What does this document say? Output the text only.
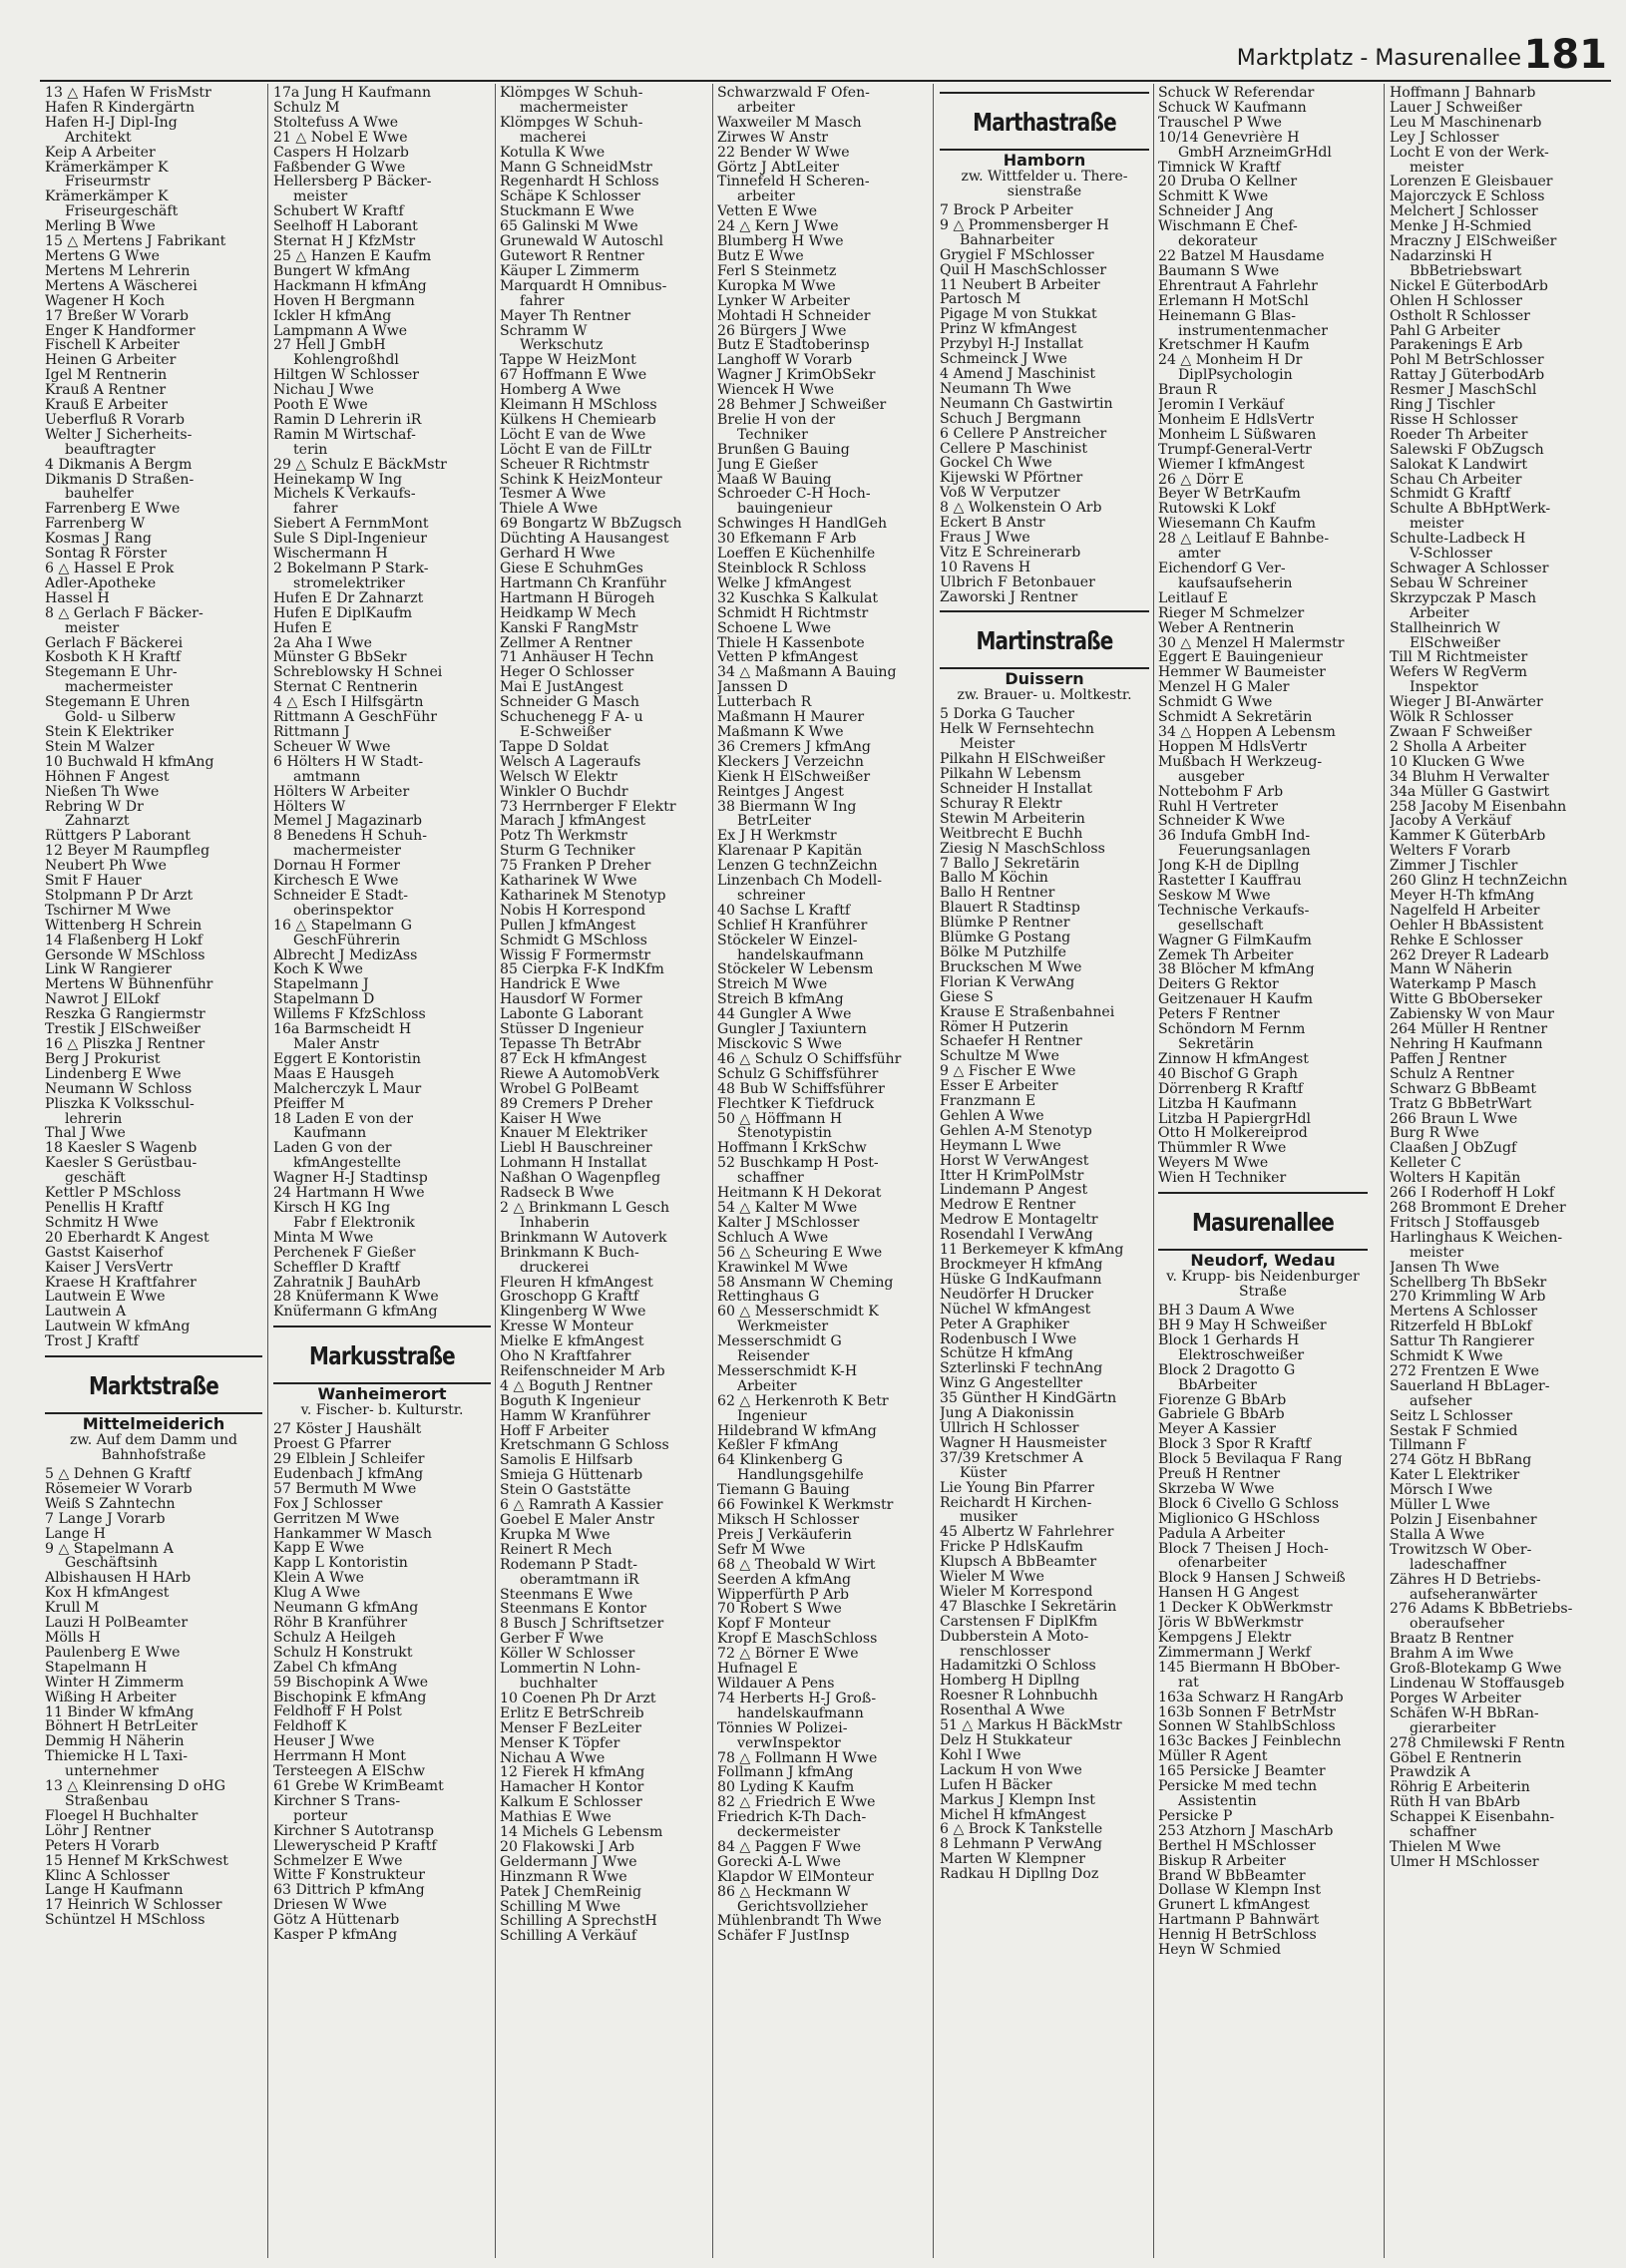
Marktplatz - Masurenallee 181
13 △ Hafen W FrisMstr
Hafen R Kindergärtn
Hafen H-J Dipl-Ing
Architekt
Keip A Arbeiter
Krämerkämper K
Friseurmstr
Krämerkämper K
Friseurgeschäft
Merling B Wwe
15 △ Mertens J Fabrikant
Mertens G Wwe
Mertens M Lehrerin
Mertens A Wäscherei
Wagener H Koch
17 Breßer W Vorarb
Enger K Handformer
Fischell K Arbeiter
Heinen G Arbeiter
Igel M Rentnerin
Krauß A Rentner
Krauß E Arbeiter
Ueberfluß R Vorarb
Welter J Sicherheits-
beauftragter
4 Dikmanis A Bergm
Dikmanis D Straßen-
bauhelfer
Farrenberg E Wwe
Farrenberg W
Kosmas J Rang
Sontag R Förster
6 △ Hassel E Prok
Adler-Apotheke
Hassel H
8 △ Gerlach F Bäcker-
meister
Gerlach F Bäckerei
Kosboth K H Kraftf
Stegemann E Uhr-
machermeister
Stegemann E Uhren
Gold- u Silberw
Stein K Elektriker
Stein M Walzer
10 Buchwald H kfmAng
Höhnen F Angest
Nießen Th Wwe
Rebring W Dr
Zahnarzt
Rüttgers P Laborant
12 Beyer M Raumpfleg
Neubert Ph Wwe
Smit F Hauer
Stolpmann P Dr Arzt
Tschirner M Wwe
Wittenberg H Schrein
14 Flaßenberg H Lokf
Gersonde W MSchloss
Link W Rangierer
Mertens W Bühnenführ
Nawrot J ElLokf
Reszka G Rangiermstr
Trestik J ElSchweißer
16 △ Pliszka J Rentner
Berg J Prokurist
Lindenberg E Wwe
Neumann W Schloss
Pliszka K Volksschul-
lehrerin
Thal J Wwe
18 Kaesler S Wagenb
Kaesler S Gerüstbau-
geschäft
Kettler P MSchloss
Penellis H Kraftf
Schmitz H Wwe
20 Eberhardt K Angest
Gastst Kaiserhof
Kaiser J VersVertr
Kraese H Kraftfahrer
Lautwein E Wwe
Lautwein A
Lautwein W kfmAng
Trost J Kraftf
Marktstraße
Mittelmeiderich
zw. Auf dem Damm und
Bahnhofstraße
5 △ Dehnen G Kraftf
Rösemeier W Vorarb
Weiß S Zahntechn
7 Lange J Vorarb
Lange H
9 △ Stapelmann A
Geschäftsinh
Albishausen H HArb
Kox H kfmAngest
Krull M
Lauzi H PolBeamter
Mölls H
Paulenberg E Wwe
Stapelmann H
Winter H Zimmerm
Wißing H Arbeiter
11 Binder W kfmAng
Böhnert H BetrLeiter
Demmig H Näherin
Thiemicke H L Taxi-
unternehmer
13 △ Kleinrensing D oHG
Straßenbau
Floegel H Buchhalter
Löhr J Rentner
Peters H Vorarb
15 Hennef M KrkSchwest
Klinc A Schlosser
Lange H Kaufmann
17 Heinrich W Schlosser
Schüntzel H MSchloss
17a Jung H Kaufmann
Schulz M
Stoltefuss A Wwe
21 △ Nobel E Wwe
Caspers H Holzarb
Faßbender G Wwe
Hellersberg P Bäcker-
meister
Schubert W Kraftf
Seelhoff H Laborant
Sternat H J KfzMstr
25 △ Hanzen E Kaufm
Bungert W kfmAng
Hackmann H kfmAng
Hoven H Bergmann
Ickler H kfmAng
Lampmann A Wwe
27 Hell J GmbH
Kohlengroßhdl
Hiltgen W Schlosser
Nichau J Wwe
Pooth E Wwe
Ramin D Lehrerin iR
Ramin M Wirtschaf-
terin
29 △ Schulz E BäckMstr
Heinekamp W Ing
Michels K Verkaufs-
fahrer
Siebert A FernmMont
Sule S Dipl-Ingenieur
Wischermann H
2 Bokelmann P Stark-
stromelektriker
Hufen E Dr Zahnarzt
Hufen E DiplKaufm
Hufen E
2a Aha I Wwe
Münster G BbSekr
Schreblowsky H Schnei
Sternat C Rentnerin
4 △ Esch I Hilfsgärtn
Rittmann A GeschFühr
Rittmann J
Scheuer W Wwe
6 Hölters H W Stadt-
amtmann
Hölters W Arbeiter
Hölters W
Memel J Magazinarb
8 Benedens H Schuh-
machermeister
Dornau H Former
Kirchesch E Wwe
Schneider E Stadt-
oberinspektor
16 △ Stapelmann G
GeschFührerin
Albrecht J MedizAss
Koch K Wwe
Stapelmann J
Stapelmann D
Willems F KfzSchloss
16a Barmscheidt H
Maler Anstr
Eggert E Kontoristin
Maas E Hausgeh
Malcherczyk L Maur
Pfeiffer M
18 Laden E von der
Kaufmann
Laden G von der
kfmAngestellte
Wagner H-J Stadtinsp
24 Hartmann H Wwe
Kirsch H KG Ing
Fabr f Elektronik
Minta M Wwe
Perchenek F Gießer
Scheffler D Kraftf
Zahratnik J BauhArb
28 Knüfermann K Wwe
Knüfermann G kfmAng
Markusstraße
Wanheimerort
v. Fischer- b. Kulturstr.
27 Köster J Haushält
Proest G Pfarrer
29 Elblein J Schleifer
Eudenbach J kfmAng
57 Bermuth M Wwe
Fox J Schlosser
Gerritzen M Wwe
Hankammer W Masch
Kapp E Wwe
Kapp L Kontoristin
Klein A Wwe
Klug A Wwe
Neumann G kfmAng
Röhr B Kranführer
Schulz A Heilgeh
Schulz H Konstrukt
Zabel Ch kfmAng
59 Bischopink A Wwe
Bischopink E kfmAng
Feldhoff F H Polst
Feldhoff K
Heuser J Wwe
Herrmann H Mont
Tersteegen A ElSchw
61 Grebe W KrimBeamt
Kirchner S Trans-
porteur
Kirchner S Autotransp
Lleweryscheid P Kraftf
Schmelzer E Wwe
Witte F Konstrukteur
63 Dittrich P kfmAng
Driesen W Wwe
Götz A Hüttenarb
Kasper P kfmAng
Klömpges W Schuh-
machermeister
Klömpges W Schuh-
macherei
Kotulla K Wwe
Mann G SchneidMstr
Regenhardt H Schloss
Schäpe K Schlosser
Stuckmann E Wwe
65 Galinski M Wwe
Grunewald W Autoschl
Gutewort R Rentner
Käuper L Zimmerm
Marquardt H Omnibus-
fahrer
Mayer Th Rentner
Schramm W
Werkschutz
Tappe W HeizMont
67 Hoffmann E Wwe
Homberg A Wwe
Kleimann H MSchloss
Külkens H Chemiearb
Löcht E van de Wwe
Löcht E van de FilLtr
Scheuer R Richtmstr
Schink K HeizMonteur
Tesmer A Wwe
Thiele A Wwe
69 Bongartz W BbZugsch
Düchting A Hausangest
Gerhard H Wwe
Giese E SchuhmGes
Hartmann Ch Kranführ
Hartmann H Bürogeh
Heidkamp W Mech
Kanski F RangMstr
Zellmer A Rentner
71 Anhäuser H Techn
Heger O Schlosser
Mai E JustAngest
Schneider G Masch
Schuchenegg F A- u
E-Schweißer
Tappe D Soldat
Welsch A Lageraufs
Welsch W Elektr
Winkler O Buchdr
73 Herrnberger F Elektr
Marach J kfmAngest
Potz Th Werkmstr
Sturm G Techniker
75 Franken P Dreher
Katharinek W Wwe
Katharinek M Stenotyp
Nobis H Korrespond
Pullen J kfmAngest
Schmidt G MSchloss
Wissig F Formermstr
85 Cierpka F-K IndKfm
Handrick E Wwe
Hausdorf W Former
Labonte G Laborant
Stüsser D Ingenieur
Tepasse Th BetrAbr
87 Eck H kfmAngest
Riewe A AutomobVerk
Wrobel G PolBeamt
89 Cremers P Dreher
Kaiser H Wwe
Knauer M Elektriker
Liebl H Bauschreiner
Lohmann H Installat
Naßhan O Wagenpfleg
Radseck B Wwe
2 △ Brinkmann L Gesch
Inhaberin
Brinkmann W Autoverk
Brinkmann K Buch-
druckerei
Fleuren H kfmAngest
Groschopp G Kraftf
Klingenberg W Wwe
Kresse W Monteur
Mielke E kfmAngest
Oho N Kraftfahrer
Reifenschneider M Arb
4 △ Boguth J Rentner
Boguth K Ingenieur
Hamm W Kranführer
Hoff F Arbeiter
Kretschmann G Schloss
Samolis E Hilfsarb
Smieja G Hüttenarb
Stein O Gaststätte
6 △ Ramrath A Kassier
Goebel E Maler Anstr
Krupka M Wwe
Reinert R Mech
Rodemann P Stadt-
oberamtmann iR
Steenmans E Wwe
Steenmans E Kontor
8 Busch J Schriftsetzer
Gerber F Wwe
Köller W Schlosser
Lommertin N Lohn-
buchhalter
10 Coenen Ph Dr Arzt
Erlitz E BetrSchreib
Menser F BezLeiter
Menser K Töpfer
Nichau A Wwe
12 Fierek H kfmAng
Hamacher H Kontor
Kalkum E Schlosser
Mathias E Wwe
14 Michels G Lebensm
20 Flakowski J Arb
Geldermann J Wwe
Hinzmann R Wwe
Patek J ChemReinig
Schilling M Wwe
Schilling A SprechstH
Schilling A Verkäuf
Schwarzwald F Ofen-
arbeiter
Waxweiler M Masch
Zirwes W Anstr
22 Bender W Wwe
Görtz J AbtLeiter
Tinnefeld H Scheren-
arbeiter
Vetten E Wwe
24 △ Kern J Wwe
Blumberg H Wwe
Butz E Wwe
Ferl S Steinmetz
Kuropka M Wwe
Lynker W Arbeiter
Mohtadi H Schneider
26 Bürgers J Wwe
Butz E Stadtoberinsp
Langhoff W Vorarb
Wagner J KrimObSekr
Wiencek H Wwe
28 Behmer J Schweißer
Brelie H von der
Techniker
Brunßen G Bauing
Jung E Gießer
Maaß W Bauing
Schroeder C-H Hoch-
bauingenieur
Schwinges H HandlGeh
30 Efkemann F Arb
Loeffen E Küchenhilfe
Steinblock R Schloss
Welke J kfmAngest
32 Kuschka S Kalkulat
Schmidt H Richtmstr
Schoene L Wwe
Thiele H Kassenbote
Vetten P kfmAngest
34 △ Maßmann A Bauing
Janssen D
Lutterbach R
Maßmann H Maurer
Maßmann K Wwe
36 Cremers J kfmAng
Kleckers J Verzeichn
Kienk H ElSchweißer
Reintges J Angest
38 Biermann W Ing
BetrLeiter
Ex J H Werkmstr
Klarenaar P Kapitän
Lenzen G technZeichn
Linzenbach Ch Modell-
schreiner
40 Sachse L Kraftf
Schlief H Kranführer
Stöckeler W Einzel-
handelskaufmann
Stöckeler W Lebensm
Streich M Wwe
Streich B kfmAng
44 Gungler A Wwe
Gungler J Taxiuntern
Misckovic S Wwe
46 △ Schulz O Schiffsführ
Schulz G Schiffsführer
48 Bub W Schiffsführer
Flechtker K Tiefdruck
50 △ Höffmann H
Stenotypistin
Hoffmann I KrkSchw
52 Buschkamp H Post-
schaffner
Heitmann K H Dekorat
54 △ Kalter M Wwe
Kalter J MSchlosser
Schluch A Wwe
56 △ Scheuring E Wwe
Krawinkel M Wwe
58 Ansmann W Cheming
Rettinghaus G
60 △ Messerschmidt K
Werkmeister
Messerschmidt G
Reisender
Messerschmidt K-H
Arbeiter
62 △ Herkenroth K Betr
Ingenieur
Hildebrand W kfmAng
Keßler F kfmAng
64 Klinkenberg G
Handlungsgehilfe
Tiemann G Bauing
66 Fowinkel K Werkmstr
Miksch H Schlosser
Preis J Verkäuferin
Sefr M Wwe
68 △ Theobald W Wirt
Seerden A kfmAng
Wipperfürth P Arb
70 Robert S Wwe
Kopf F Monteur
Kropf E MaschSchloss
72 △ Börner E Wwe
Hufnagel E
Wildauer A Pens
74 Herberts H-J Groß-
handelskaufmann
Tönnies W Polizei-
verwInspektor
78 △ Follmann H Wwe
Follmann J kfmAng
80 Lyding K Kaufm
82 △ Friedrich E Wwe
Friedrich K-Th Dach-
deckermeister
84 △ Paggen F Wwe
Gorecki A-L Wwe
Klapdor W ElMonteur
86 △ Heckmann W
Gerichtsvollzieher
Mühlenbrandt Th Wwe
Schäfer F JustInsp
Marthastraße
Hamborn
zw. Wittfelder u. There-
sienstraße
7 Brock P Arbeiter
9 △ Prommensberger H
Bahnarbeiter
Grygiel F MSchlosser
Quil H MaschSchlosser
11 Neubert B Arbeiter
Partosch M
Pigage M von Stukkat
Prinz W kfmAngest
Przybyl H-J Installat
Schmeinck J Wwe
4 Amend J Maschinist
Neumann Th Wwe
Neumann Ch Gastwirtin
Schuch J Bergmann
6 Cellere P Anstreicher
Cellere P Maschinist
Gockel Ch Wwe
Kijewski W Pförtner
Voß W Verputzer
8 △ Wolkenstein O Arb
Eckert B Anstr
Fraus J Wwe
Vitz E Schreinerarb
10 Ravens H
Ulbrich F Betonbauer
Zaworski J Rentner
Martinstraße
Duissern
zw. Brauer- u. Moltkestr.
5 Dorka G Taucher
Helk W Fernsehtechn
Meister
Pilkahn H ElSchweißer
Pilkahn W Lebensm
Schneider H Installat
Schuray R Elektr
Stewin M Arbeiterin
Weitbrecht E Buchh
Ziesig N MaschSchloss
7 Ballo J Sekretärin
Ballo M Köchin
Ballo H Rentner
Blauert R Stadtinsp
Blümke P Rentner
Blümke G Postang
Bölke M Putzhilfe
Bruckschen M Wwe
Florian K VerwAng
Giese S
Krause E Straßenbahnei
Römer H Putzerin
Schaefer H Rentner
Schultze M Wwe
9 △ Fischer E Wwe
Esser E Arbeiter
Franzmann E
Gehlen A Wwe
Gehlen A-M Stenotyp
Heymann L Wwe
Horst W VerwAngest
Itter H KrimPolMstr
Lindemann P Angest
Medrow E Rentner
Medrow E Montageltr
Rosendahl I VerwAng
11 Berkemeyer K kfmAng
Brockmeyer H kfmAng
Hüske G IndKaufmann
Neudörfer H Drucker
Nüchel W kfmAngest
Peter A Graphiker
Rodenbusch I Wwe
Schütze H kfmAng
Szterlinski F technAng
Winz G Angestellter
35 Günther H KindGärtn
Jung A Diakonissin
Ullrich H Schlosser
Wagner H Hausmeister
37/39 Kretschmer A
Küster
Lie Young Bin Pfarrer
Reichardt H Kirchen-
musiker
45 Albertz W Fahrlehrer
Fricke P HdlsKaufm
Klupsch A BbBeamter
Wieler M Wwe
Wieler M Korrespond
47 Blaschke I Sekretärin
Carstensen F DiplKfm
Dubberstein A Moto-
renschlosser
Hadamitzki O Schloss
Homberg H Dipllng
Roesner R Lohnbuchh
Rosenthal A Wwe
51 △ Markus H BäckMstr
Delz H Stukkateur
Kohl I Wwe
Lackum H von Wwe
Lufen H Bäcker
Markus J Klempn Inst
Michel H kfmAngest
6 △ Brock K Tankstelle
8 Lehmann P VerwAng
Marten W Klempner
Radkau H Dipllng Doz
Schuck W Referendar
Schuck W Kaufmann
Trauschel P Wwe
10/14 Genevrière H
GmbH ArzneimGrHdl
Timnick W Kraftf
20 Druba O Kellner
Schmitt K Wwe
Schneider J Ang
Wischmann E Chef-
dekorateur
22 Batzel M Hausdame
Baumann S Wwe
Ehrentraut A Fahrlehr
Erlemann H MotSchl
Heinemann G Blas-
instrumentenmacher
Kretschmer H Kaufm
24 △ Monheim H Dr
DiplPsychologin
Braun R
Jeromin I Verkäuf
Monheim E HdlsVertr
Monheim L Süßwaren
Trumpf-General-Vertr
Wiemer I kfmAngest
26 △ Dörr E
Beyer W BetrKaufm
Rutowski K Lokf
Wiesemann Ch Kaufm
28 △ Leitlauf E Bahnbe-
amter
Eichendorf G Ver-
kaufsaufseherin
Leitlauf E
Rieger M Schmelzer
Weber A Rentnerin
30 △ Menzel H Malermstr
Eggert E Bauingenieur
Hemmer W Baumeister
Menzel H G Maler
Schmidt G Wwe
Schmidt A Sekretärin
34 △ Hoppen A Lebensm
Hoppen M HdlsVertr
Mußbach H Werkzeug-
ausgeber
Nottebohm F Arb
Ruhl H Vertreter
Schneider K Wwe
36 Indufa GmbH Ind-
Feuerungsanlagen
Jong K-H de Dipllng
Rastetter I Kauffrau
Seskow M Wwe
Technische Verkaufs-
gesellschaft
Wagner G FilmKaufm
Zemek Th Arbeiter
38 Blöcher M kfmAng
Deiters G Rektor
Geitzenauer H Kaufm
Peters F Rentner
Schöndorn M Fernm
Sekretärin
Zinnow H kfmAngest
40 Bischof G Graph
Dörrenberg R Kraftf
Litzba H Kaufmann
Litzba H PapiergrHdl
Otto H Molkereiprod
Thümmler R Wwe
Weyers M Wwe
Wien H Techniker
Masurenallee
Neudorf, Wedau
v. Krupp- bis Neidenburger
Straße
BH 3 Daum A Wwe
BH 9 May H Schweißer
Block 1 Gerhards H
Elektroschweißer
Block 2 Dragotto G
BbArbeiter
Fiorenze G BbArb
Gabriele G BbArb
Meyer A Kassier
Block 3 Spor R Kraftf
Block 5 Bevilaqua F Rang
Preuß H Rentner
Skrzeba W Wwe
Block 6 Civello G Schloss
Miglionico G HSchloss
Padula A Arbeiter
Block 7 Theisen J Hoch-
ofenarbeiter
Block 9 Hansen J Schweiß
Hansen H G Angest
1 Decker K ObWerkmstr
Jöris W BbWerkmstr
Kempgens J Elektr
Zimmermann J Werkf
145 Biermann H BbOber-
rat
163a Schwarz H RangArb
163b Sonnen F BetrMstr
Sonnen W StahlbSchloss
163c Backes J Feinblechn
Müller R Agent
165 Persicke J Beamter
Persicke M med techn
Assistentin
Persicke P
253 Atzhorn J MaschArb
Berthel H MSchlosser
Biskup R Arbeiter
Brand W BbBeamter
Dollase W Klempn Inst
Grunert L kfmAngest
Hartmann P Bahnwärt
Hennig H BetrSchloss
Heyn W Schmied
Hoffmann J Bahnarb
Lauer J Schweißer
Leu M Maschinenarb
Ley J Schlosser
Locht E von der Werk-
meister
Lorenzen E Gleisbauer
Majorczyck E Schloss
Melchert J Schlosser
Menke J H-Schmied
Mraczny J ElSchweißer
Nadarzinski H
BbBetriebswart
Nickel E GüterbodArb
Ohlen H Schlosser
Ostholt R Schlosser
Pahl G Arbeiter
Parakenings E Arb
Pohl M BetrSchlosser
Rattay J GüterbodArb
Resmer J MaschSchl
Ring J Tischler
Risse H Schlosser
Roeder Th Arbeiter
Salewski F ObZugsch
Salokat K Landwirt
Schau Ch Arbeiter
Schmidt G Kraftf
Schulte A BbHptWerk-
meister
Schulte-Ladbeck H
V-Schlosser
Schwager A Schlosser
Sebau W Schreiner
Skrzypczak P Masch
Arbeiter
Stallheinrich W
ElSchweißer
Till M Richtmeister
Wefers W RegVerm
Inspektor
Wieger J BI-Anwärter
Wölk R Schlosser
Zwaan F Schweißer
2 Sholla A Arbeiter
10 Klucken G Wwe
34 Bluhm H Verwalter
34a Müller G Gastwirt
258 Jacoby M Eisenbahn
Jacoby A Verkäuf
Kammer K GüterbArb
Welters F Vorarb
Zimmer J Tischler
260 Glinz H technZeichn
Meyer H-Th kfmAng
Nagelfeld H Arbeiter
Oehler H BbAssistent
Rehke E Schlosser
262 Dreyer R Ladearb
Mann W Näherin
Waterkamp P Masch
Witte G BbOberseker
Zabiensky W von Maur
264 Müller H Rentner
Nehring H Kaufmann
Paffen J Rentner
Schulz A Rentner
Schwarz G BbBeamt
Tratz G BbBetrWart
266 Braun L Wwe
Burg R Wwe
Claaßen J ObZugf
Kelleter C
Wolters H Kapitän
266 I Roderhoff H Lokf
268 Brommont E Dreher
Fritsch J Stoffausgeb
Harlinghaus K Weichen-
meister
Jansen Th Wwe
Schellberg Th BbSekr
270 Krimmling W Arb
Mertens A Schlosser
Ritzerfeld H BbLokf
Sattur Th Rangierer
Schmidt K Wwe
272 Frentzen E Wwe
Sauerland H BbLager-
aufseher
Seitz L Schlosser
Sestak F Schmied
Tillmann F
274 Götz H BbRang
Kater L Elektriker
Mörsch I Wwe
Müller L Wwe
Polzin J Eisenbahner
Stalla A Wwe
Trowitzsch W Ober-
ladeschaffner
Zähres H D Betriebs-
aufseheranwärter
276 Adams K BbBetriebs-
oberaufseher
Braatz B Rentner
Brahm A im Wwe
Groß-Blotekamp G Wwe
Lindenau W Stoffausgeb
Porges W Arbeiter
Schäfen W-H BbRan-
gierarbeiter
278 Chmilewski F Rentn
Göbel E Rentnerin
Prawdzik A
Röhrig E Arbeiterin
Rüth H van BbArb
Schappei K Eisenbahn-
schaffner
Thielen M Wwe
Ulmer H MSchlosser
